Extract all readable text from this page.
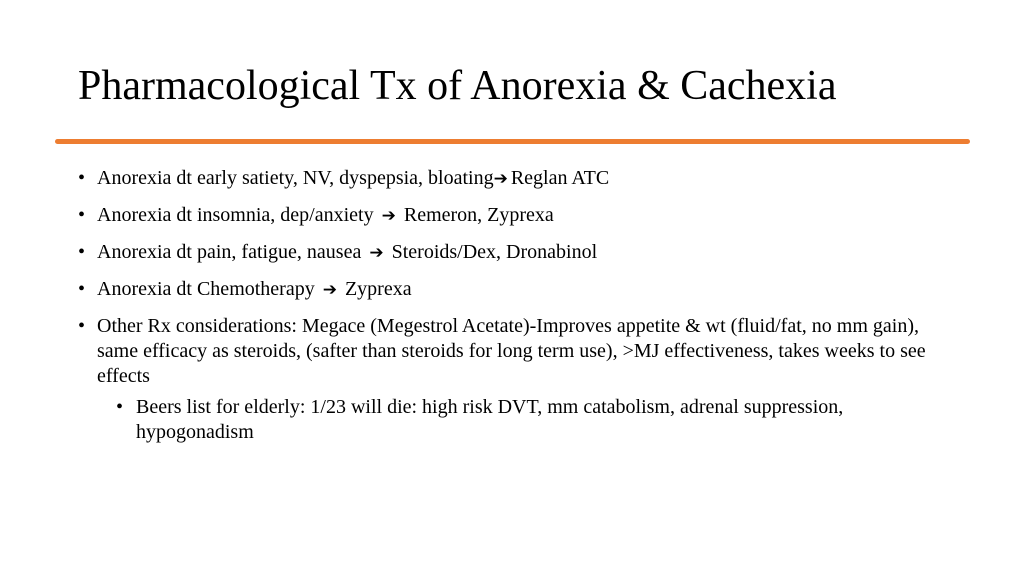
Pharmacological Tx of Anorexia & Cachexia
• Anorexia dt early satiety, NV, dyspepsia, bloating➔ Reglan ATC
• Anorexia dt insomnia, dep/anxiety ➔ Remeron, Zyprexa
• Anorexia dt pain, fatigue, nausea ➔ Steroids/Dex, Dronabinol
• Anorexia dt Chemotherapy ➔ Zyprexa
• Other Rx considerations: Megace (Megestrol Acetate)-Improves appetite & wt (fluid/fat, no mm gain), same efficacy as steroids, (safter than steroids for long term use), >MJ effectiveness, takes weeks to see effects
• Beers list for elderly: 1/23 will die: high risk DVT, mm catabolism, adrenal suppression, hypogonadism
